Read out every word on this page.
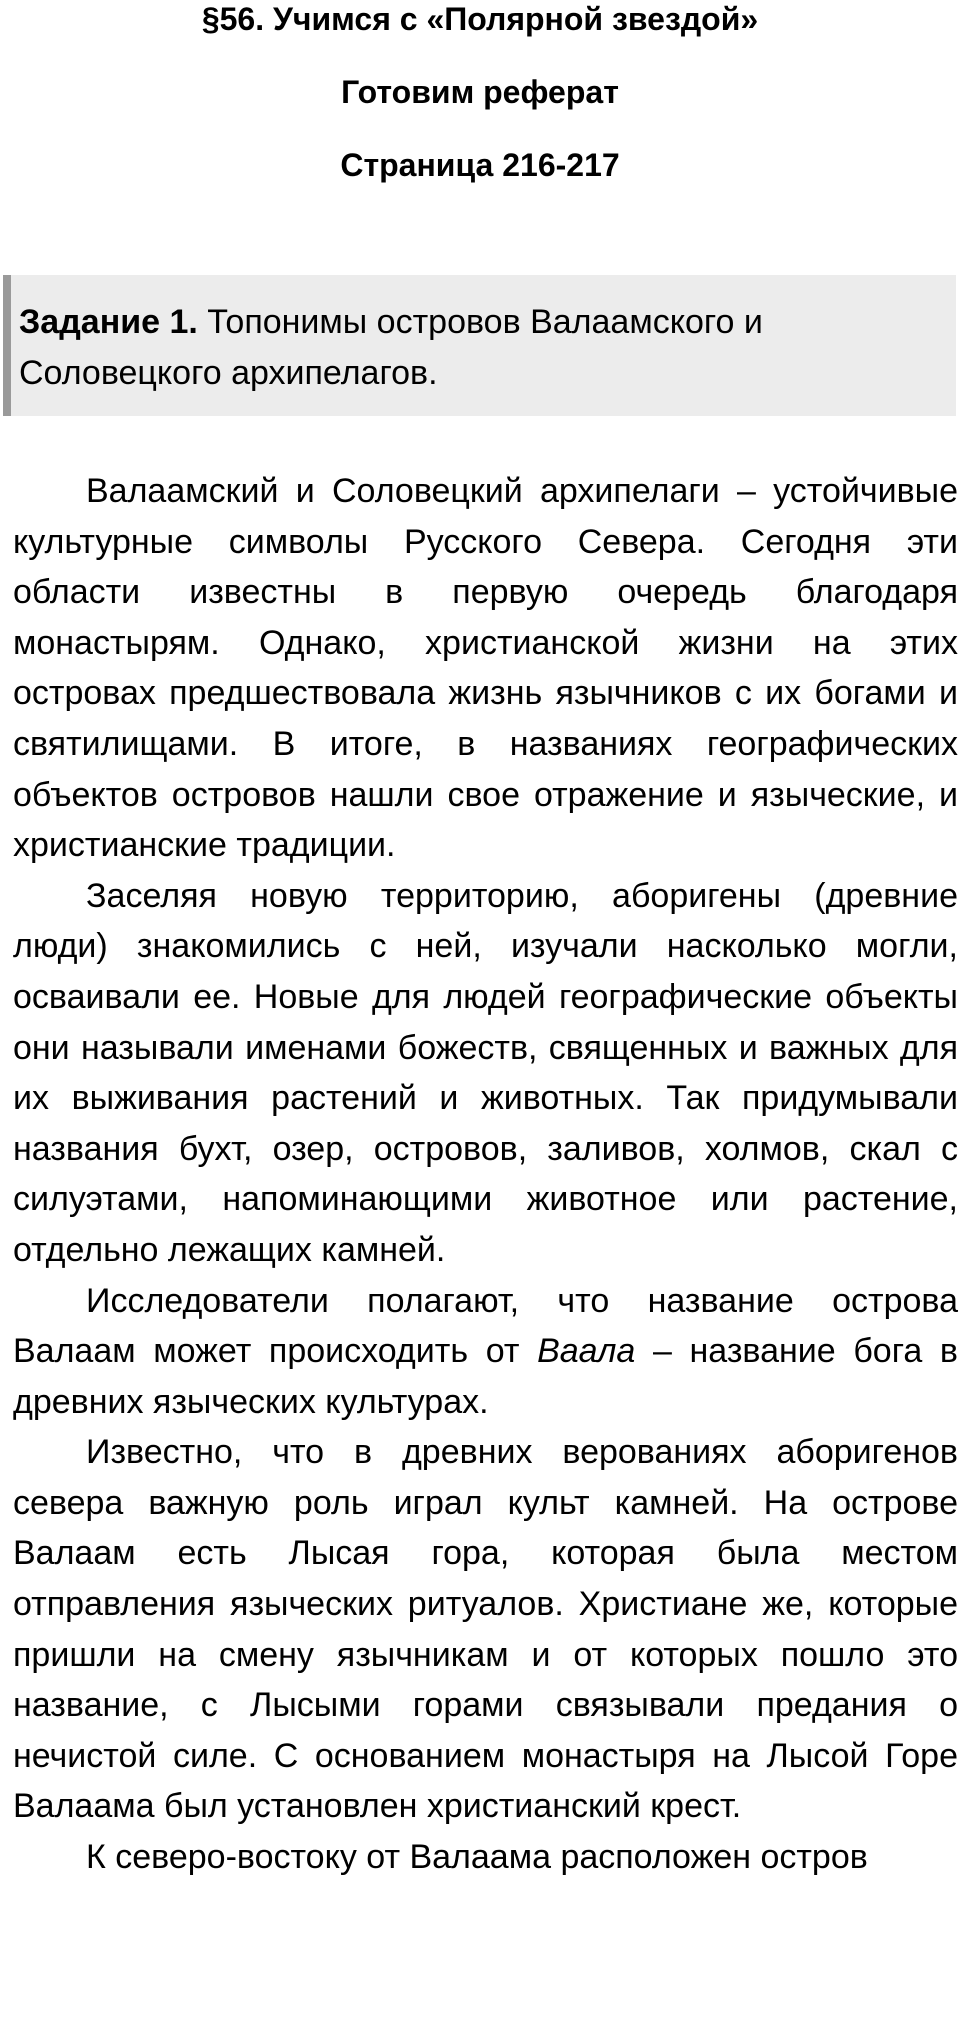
§56. Учимся с «Полярной звездой»
Готовим реферат
Страница 216-217
Задание 1. Топонимы островов Валаамского и Соловецкого архипелагов.

Валаамский и Соловецкий архипелаги – устойчивые культурные символы Русского Севера. Сегодня эти области известны в первую очередь благодаря монастырям. Однако, христианской жизни на этих островах предшествовала жизнь язычников с их богами и святилищами. В итоге, в названиях географических объектов островов нашли свое отражение и языческие, и христианские традиции.

Заселяя новую территорию, аборигены (древние люди) знакомились с ней, изучали насколько могли, осваивали ее. Новые для людей географические объекты они называли именами божеств, священных и важных для их выживания растений и животных. Так придумывали названия бухт, озер, островов, заливов, холмов, скал с силуэтами, напоминающими животное или растение, отдельно лежащих камней.

Исследователи полагают, что название острова Валаам может происходить от Ваала – название бога в древних языческих культурах.

Известно, что в древних верованиях аборигенов севера важную роль играл культ камней. На острове Валаам есть Лысая гора, которая была местом отправления языческих ритуалов. Христиане же, которые пришли на смену язычникам и от которых пошло это название, с Лысыми горами связывали предания о нечистой силе. С основанием монастыря на Лысой Горе Валаама был установлен христианский крест.

К северо-востоку от Валаама расположен остров
